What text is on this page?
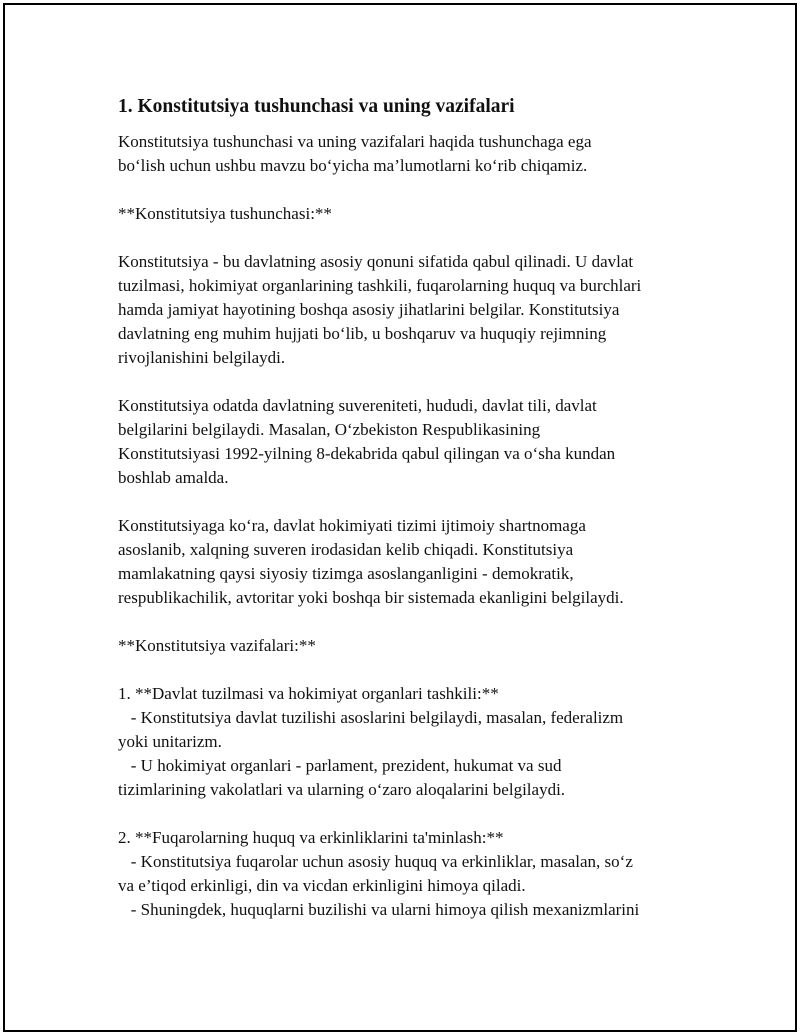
1. Konstitutsiya tushunchasi va uning vazifalari

Konstitutsiya tushunchasi va uning vazifalari haqida tushunchaga ega

bo‘lish uchun ushbu mavzu bo‘yicha ma’lumotlarni ko‘rib chiqamiz.

**Konstitutsiya tushunchasi:**

Konstitutsiya - bu davlatning asosiy qonuni sifatida qabul qilinadi. U davlat

tuzilmasi, hokimiyat organlarining tashkili, fuqarolarning huquq va burchlari

hamda jamiyat hayotining boshqa asosiy jihatlarini belgilar. Konstitutsiya

davlatning eng muhim hujjati bo‘lib, u boshqaruv va huquqiy rejimning

rivojlanishini belgilaydi.

Konstitutsiya odatda davlatning suvereniteti, hududi, davlat tili, davlat

belgilarini belgilaydi. Masalan, O‘zbekiston Respublikasining

Konstitutsiyasi 1992-yilning 8-dekabrida qabul qilingan va o‘sha kundan

boshlab amalda.

Konstitutsiyaga ko‘ra, davlat hokimiyati tizimi ijtimoiy shartnomaga

asoslanib, xalqning suveren irodasidan kelib chiqadi. Konstitutsiya

mamlakatning qaysi siyosiy tizimga asoslanganligini - demokratik,

respublikachilik, avtoritar yoki boshqa bir sistemada ekanligini belgilaydi.

**Konstitutsiya vazifalari:**

1. **Davlat tuzilmasi va hokimiyat organlari tashkili:**

- Konstitutsiya davlat tuzilishi asoslarini belgilaydi, masalan, federalizm

yoki unitarizm.

- U hokimiyat organlari - parlament, prezident, hukumat va sud

tizimlarining vakolatlari va ularning o‘zaro aloqalarini belgilaydi.

2. **Fuqarolarning huquq va erkinliklarini ta'minlash:**

- Konstitutsiya fuqarolar uchun asosiy huquq va erkinliklar, masalan, so‘z

va e’tiqod erkinligi, din va vicdan erkinligini himoya qiladi.

- Shuningdek, huquqlarni buzilishi va ularni himoya qilish mexanizmlarini
